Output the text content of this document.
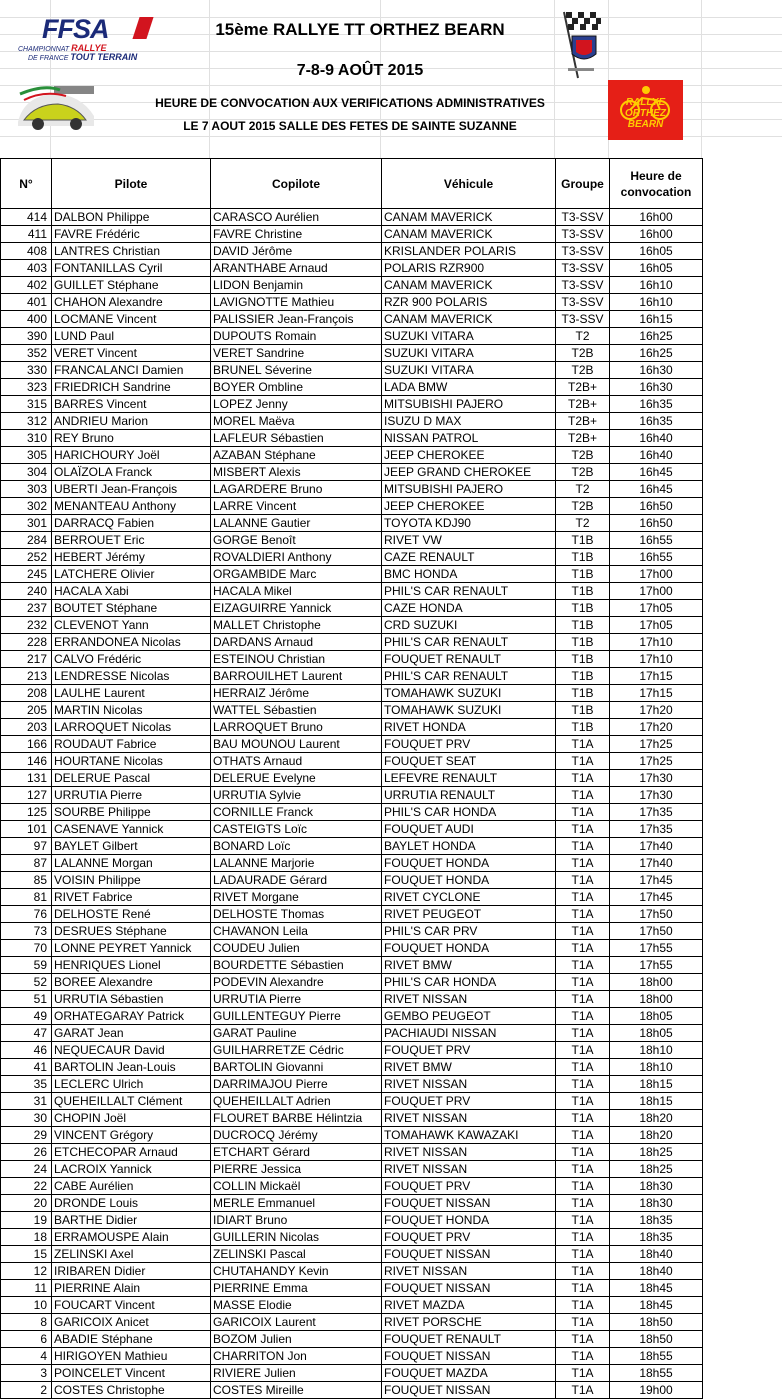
FFSA
CHAMPIONNAT RALLYE
DE FRANCE TOUT TERRAIN
15ème RALLYE TT ORTHEZ BEARN
7-8-9 AOÛT 2015
HEURE DE CONVOCATION AUX VERIFICATIONS ADMINISTRATIVES
LE 7 AOUT 2015 SALLE DES FETES DE SAINTE SUZANNE
RALLYE ORTHEZ BEARN
N°	Pilote	Copilote	Véhicule	Groupe	Heure de convocation
414	DALBON Philippe	CARASCO Aurélien	CANAM MAVERICK	T3-SSV	16h00
411	FAVRE Frédéric	FAVRE Christine	CANAM MAVERICK	T3-SSV	16h00
408	LANTRES Christian	DAVID Jérôme	KRISLANDER POLARIS	T3-SSV	16h05
403	FONTANILLAS Cyril	ARANTHABE Arnaud	POLARIS RZR900	T3-SSV	16h05
402	GUILLET Stéphane	LIDON Benjamin	CANAM MAVERICK	T3-SSV	16h10
401	CHAHON Alexandre	LAVIGNOTTE Mathieu	RZR 900 POLARIS	T3-SSV	16h10
400	LOCMANE Vincent	PALISSIER Jean-François	CANAM MAVERICK	T3-SSV	16h15
390	LUND Paul	DUPOUTS Romain	SUZUKI VITARA	T2	16h25
352	VERET Vincent	VERET Sandrine	SUZUKI VITARA	T2B	16h25
330	FRANCALANCI Damien	BRUNEL Séverine	SUZUKI VITARA	T2B	16h30
323	FRIEDRICH Sandrine	BOYER Ombline	LADA BMW	T2B+	16h30
315	BARRES Vincent	LOPEZ Jenny	MITSUBISHI PAJERO	T2B+	16h35
312	ANDRIEU Marion	MOREL Maëva	ISUZU D MAX	T2B+	16h35
310	REY Bruno	LAFLEUR Sébastien	NISSAN PATROL	T2B+	16h40
305	HARICHOURY Joël	AZABAN Stéphane	JEEP CHEROKEE	T2B	16h40
304	OLAÏZOLA Franck	MISBERT Alexis	JEEP GRAND CHEROKEE	T2B	16h45
303	UBERTI Jean-François	LAGARDERE Bruno	MITSUBISHI PAJERO	T2	16h45
302	MENANTEAU Anthony	LARRE Vincent	JEEP CHEROKEE	T2B	16h50
301	DARRACQ Fabien	LALANNE Gautier	TOYOTA KDJ90	T2	16h50
284	BERROUET Eric	GORGE Benoît	RIVET VW	T1B	16h55
252	HEBERT Jérémy	ROVALDIERI Anthony	CAZE RENAULT	T1B	16h55
245	LATCHERE Olivier	ORGAMBIDE Marc	BMC HONDA	T1B	17h00
240	HACALA Xabi	HACALA Mikel	PHIL'S CAR RENAULT	T1B	17h00
237	BOUTET Stéphane	EIZAGUIRRE Yannick	CAZE HONDA	T1B	17h05
232	CLEVENOT Yann	MALLET Christophe	CRD SUZUKI	T1B	17h05
228	ERRANDONEA Nicolas	DARDANS Arnaud	PHIL'S CAR RENAULT	T1B	17h10
217	CALVO Frédéric	ESTEINOU Christian	FOUQUET RENAULT	T1B	17h10
213	LENDRESSE Nicolas	BARROUILHET Laurent	PHIL'S CAR RENAULT	T1B	17h15
208	LAULHE Laurent	HERRAIZ Jérôme	TOMAHAWK SUZUKI	T1B	17h15
205	MARTIN Nicolas	WATTEL Sébastien	TOMAHAWK SUZUKI	T1B	17h20
203	LARROQUET Nicolas	LARROQUET Bruno	RIVET HONDA	T1B	17h20
166	ROUDAUT Fabrice	BAU MOUNOU Laurent	FOUQUET PRV	T1A	17h25
146	HOURTANE Nicolas	OTHATS Arnaud	FOUQUET SEAT	T1A	17h25
131	DELERUE Pascal	DELERUE Evelyne	LEFEVRE RENAULT	T1A	17h30
127	URRUTIA Pierre	URRUTIA Sylvie	URRUTIA RENAULT	T1A	17h30
125	SOURBE Philippe	CORNILLE Franck	PHIL'S CAR HONDA	T1A	17h35
101	CASENAVE Yannick	CASTEIGTS Loïc	FOUQUET AUDI	T1A	17h35
97	BAYLET Gilbert	BONARD Loïc	BAYLET HONDA	T1A	17h40
87	LALANNE Morgan	LALANNE Marjorie	FOUQUET HONDA	T1A	17h40
85	VOISIN Philippe	LADAURADE Gérard	FOUQUET HONDA	T1A	17h45
81	RIVET Fabrice	RIVET Morgane	RIVET CYCLONE	T1A	17h45
76	DELHOSTE René	DELHOSTE Thomas	RIVET PEUGEOT	T1A	17h50
73	DESRUES Stéphane	CHAVANON Leila	PHIL'S CAR PRV	T1A	17h50
70	LONNE PEYRET Yannick	COUDEU Julien	FOUQUET HONDA	T1A	17h55
59	HENRIQUES Lionel	BOURDETTE Sébastien	RIVET BMW	T1A	17h55
52	BOREE Alexandre	PODEVIN Alexandre	PHIL'S CAR HONDA	T1A	18h00
51	URRUTIA Sébastien	URRUTIA Pierre	RIVET NISSAN	T1A	18h00
49	ORHATEGARAY Patrick	GUILLENTEGUY Pierre	GEMBO PEUGEOT	T1A	18h05
47	GARAT Jean	GARAT Pauline	PACHIAUDI NISSAN	T1A	18h05
46	NEQUECAUR David	GUILHARRETZE Cédric	FOUQUET PRV	T1A	18h10
41	BARTOLIN Jean-Louis	BARTOLIN Giovanni	RIVET BMW	T1A	18h10
35	LECLERC Ulrich	DARRIMAJOU Pierre	RIVET NISSAN	T1A	18h15
31	QUEHEILLALT Clément	QUEHEILLALT Adrien	FOUQUET PRV	T1A	18h15
30	CHOPIN Joël	FLOURET BARBE Hélintzia	RIVET NISSAN	T1A	18h20
29	VINCENT Grégory	DUCROCQ Jérémy	TOMAHAWK KAWAZAKI	T1A	18h20
26	ETCHECOPAR Arnaud	ETCHART Gérard	RIVET NISSAN	T1A	18h25
24	LACROIX Yannick	PIERRE Jessica	RIVET NISSAN	T1A	18h25
22	CABE Aurélien	COLLIN Mickaël	FOUQUET PRV	T1A	18h30
20	DRONDE Louis	MERLE Emmanuel	FOUQUET NISSAN	T1A	18h30
19	BARTHE Didier	IDIART Bruno	FOUQUET HONDA	T1A	18h35
18	ERRAMOUSPE Alain	GUILLERIN Nicolas	FOUQUET PRV	T1A	18h35
15	ZELINSKI Axel	ZELINSKI Pascal	FOUQUET NISSAN	T1A	18h40
12	IRIBAREN Didier	CHUTAHANDY Kevin	RIVET NISSAN	T1A	18h40
11	PIERRINE Alain	PIERRINE Emma	FOUQUET NISSAN	T1A	18h45
10	FOUCART Vincent	MASSE Elodie	RIVET MAZDA	T1A	18h45
8	GARICOIX Anicet	GARICOIX Laurent	RIVET PORSCHE	T1A	18h50
6	ABADIE Stéphane	BOZOM Julien	FOUQUET RENAULT	T1A	18h50
4	HIRIGOYEN Mathieu	CHARRITON Jon	FOUQUET NISSAN	T1A	18h55
3	POINCELET Vincent	RIVIERE Julien	FOUQUET MAZDA	T1A	18h55
2	COSTES Christophe	COSTES Mireille	FOUQUET NISSAN	T1A	19h00
